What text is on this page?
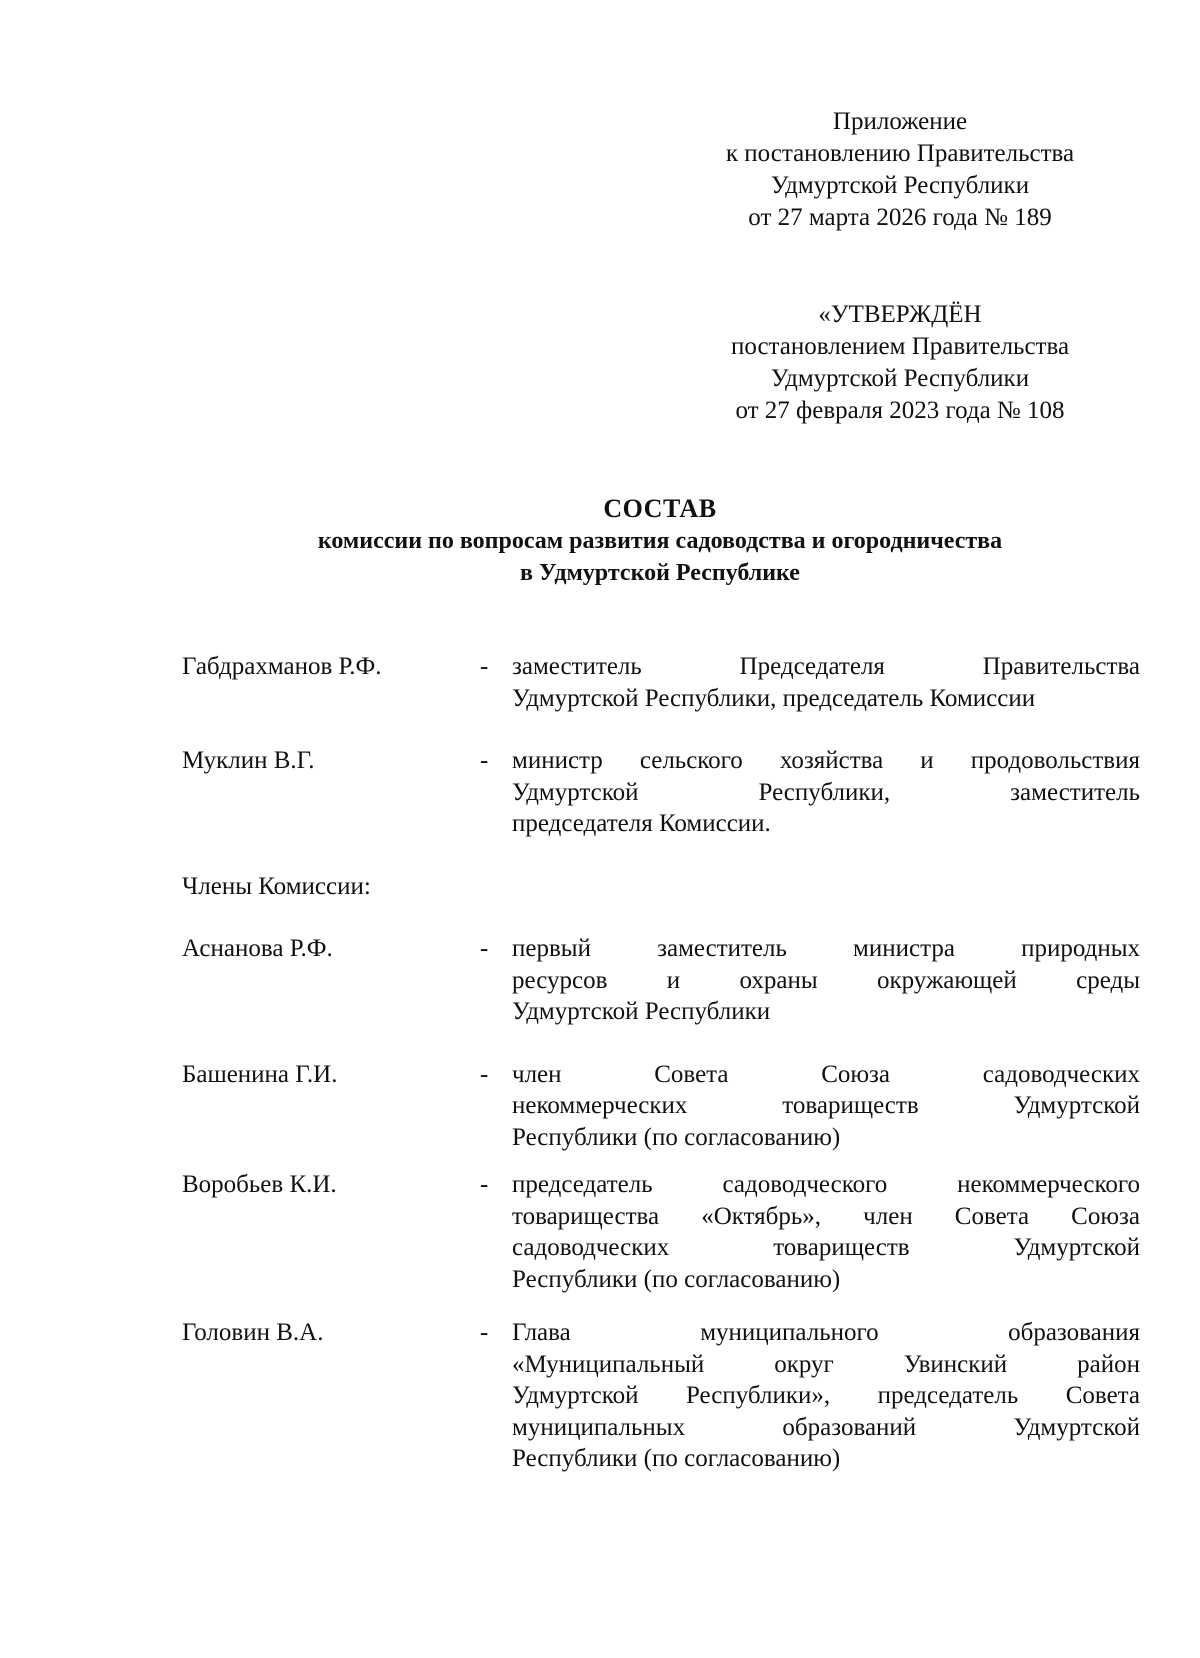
Приложение
к постановлению Правительства
Удмуртской Республики
от 27 марта 2026 года № 189
«УТВЕРЖДЁН
постановлением Правительства
Удмуртской Республики
от 27 февраля 2023 года № 108
СОСТАВ
комиссии по вопросам развития садоводства и огородничества
в Удмуртской Республике
Габдрахманов Р.Ф.	- заместитель Председателя Правительства
Удмуртской Республики, председатель Комиссии
Муклин В.Г.	- министр сельского хозяйства и продовольствия
Удмуртской Республики, заместитель
председателя Комиссии.
Члены Комиссии:
Аснанова Р.Ф.	- первый заместитель министра природных
ресурсов и охраны окружающей среды
Удмуртской Республики
Башенина Г.И.	- член Совета Союза садоводческих
некоммерческих товариществ Удмуртской
Республики (по согласованию)
Воробьев К.И.	- председатель садоводческого некоммерческого
товарищества «Октябрь», член Совета Союза
садоводческих товариществ Удмуртской
Республики (по согласованию)
Головин В.А.	- Глава муниципального образования
«Муниципальный округ Увинский район
Удмуртской Республики», председатель Совета
муниципальных образований Удмуртской
Республики (по согласованию)
